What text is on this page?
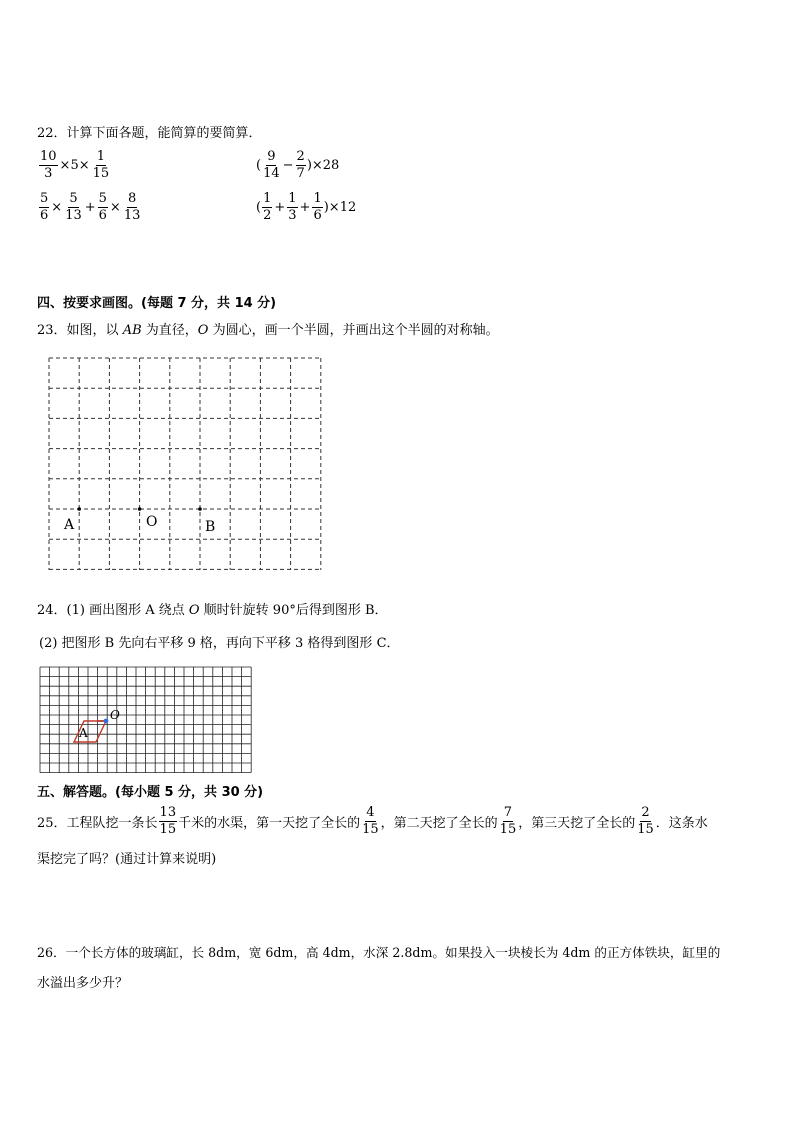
22．计算下面各题，能简算的要简算．
$\frac{10}{3} \times 5\times \frac{1}{15}$	( $\frac{9}{14} - \frac{2}{7} )\times 28$
$\frac{5}{6} \times \frac{5}{13} + \frac{5}{6} \times \frac{8}{13}$	( $\frac{1}{2} + \frac{1}{3} + \frac{1}{6} )\times 12$
四、按要求画图。(每题 7 分，共 14 分)
23．如图，以 AB 为直径，O 为圆心，画一个半圆，并画出这个半圆的对称轴。
A	O	B
24．(1) 画出图形 A 绕点 O 顺时针旋转 90°后得到图形 B．
(2) 把图形 B 先向右平移 9 格，再向下平移 3 格得到图形 C．
O
A
五、解答题。(每小题 5 分，共 30 分)
25．工程队挖一条长 $\frac{13}{15}$ 千米的水渠，第一天挖了全长的 $\frac{4}{15}$ ，第二天挖了全长的 $\frac{7}{15}$ ，第三天挖了全长的 $\frac{2}{15}$ ．这条水
渠挖完了吗？(通过计算来说明)
26．一个长方体的玻璃缸，长 8dm，宽 6dm，高 4dm，水深 2.8dm。如果投入一块棱长为 4dm 的正方体铁块，缸里的
水溢出多少升？
